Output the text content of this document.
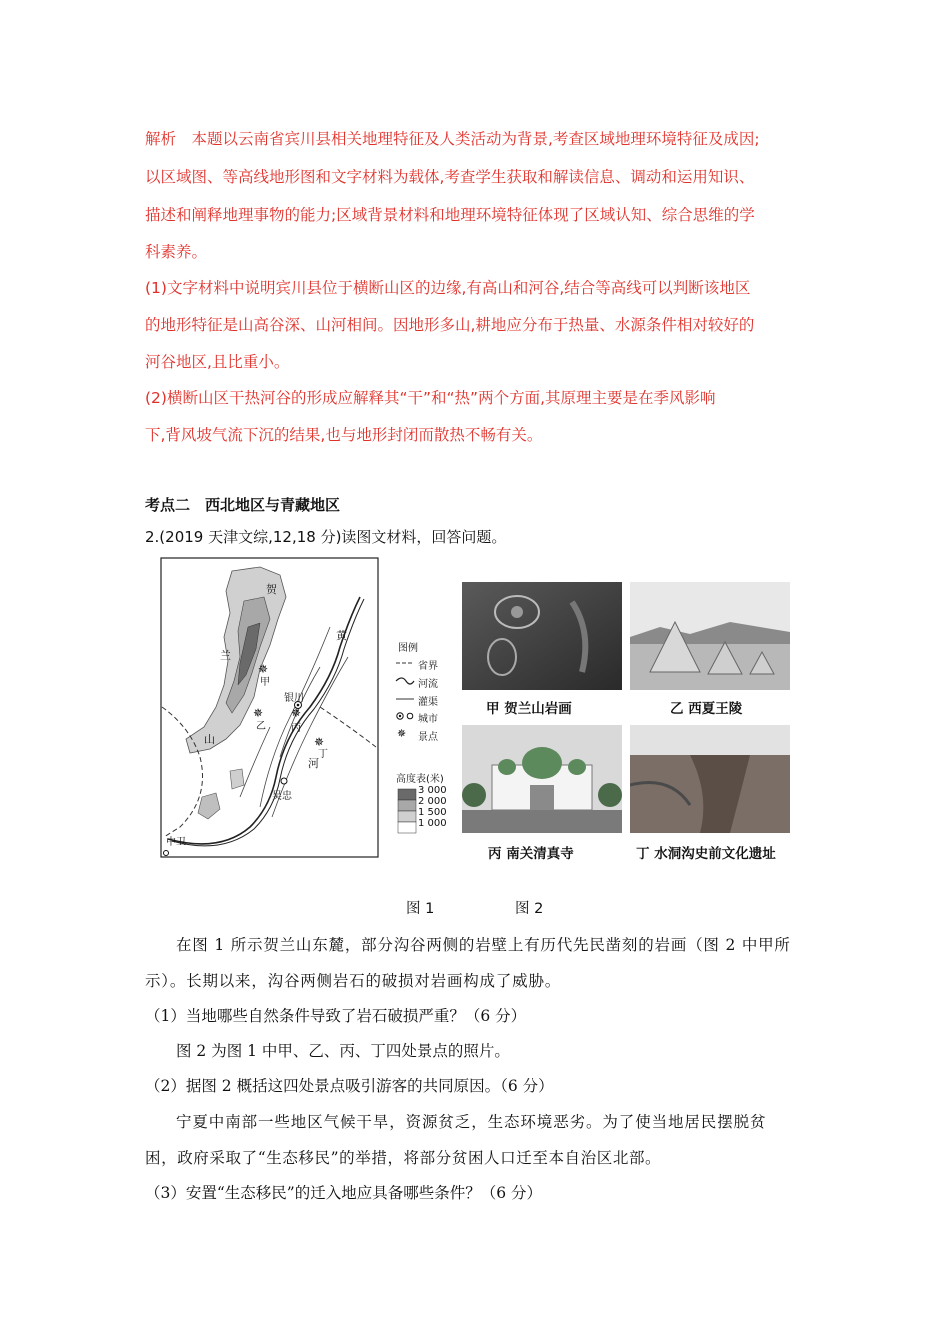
解析　本题以云南省宾川县相关地理特征及人类活动为背景,考查区域地理环境特征及成因;
以区域图、等高线地形图和文字材料为载体,考查学生获取和解读信息、调动和运用知识、
描述和阐释地理事物的能力;区域背景材料和地理环境特征体现了区域认知、综合思维的学
科素养。
(1)文字材料中说明宾川县位于横断山区的边缘,有高山和河谷,结合等高线可以判断该地区
的地形特征是山高谷深、山河相间。因地形多山,耕地应分布于热量、水源条件相对较好的
河谷地区,且比重小。
(2)横断山区干热河谷的形成应解释其“干”和“热”两个方面,其原理主要是在季风影响
下,背风坡气流下沉的结果,也与地形封闭而散热不畅有关。
考点二　西北地区与青藏地区
2.(2019 天津文综,12,18 分)读图文材料，回答问题。
✵
✵ ✵
✵
贺
兰
山
黄
河
甲
乙	丙
丁
银川
吴忠
中卫
图例
✵
省界
河流
灌渠
城市
景点
高度表(米)
3 000
2 000
1 500
1 000
甲 贺兰山岩画	乙 西夏王陵
丙 南关清真寺	丁 水洞沟史前文化遗址
图 1	图 2
在图 1 所示贺兰山东麓，部分沟谷两侧的岩壁上有历代先民凿刻的岩画（图 2 中甲所
示）。长期以来，沟谷两侧岩石的破损对岩画构成了威胁。
（1）当地哪些自然条件导致了岩石破损严重？（6 分）
图 2 为图 1 中甲、乙、丙、丁四处景点的照片。
（2）据图 2 概括这四处景点吸引游客的共同原因。（6 分）
宁夏中南部一些地区气候干旱，资源贫乏，生态环境恶劣。为了使当地居民摆脱贫
困，政府采取了“生态移民”的举措，将部分贫困人口迁至本自治区北部。
（3）安置“生态移民”的迁入地应具备哪些条件？（6 分）
